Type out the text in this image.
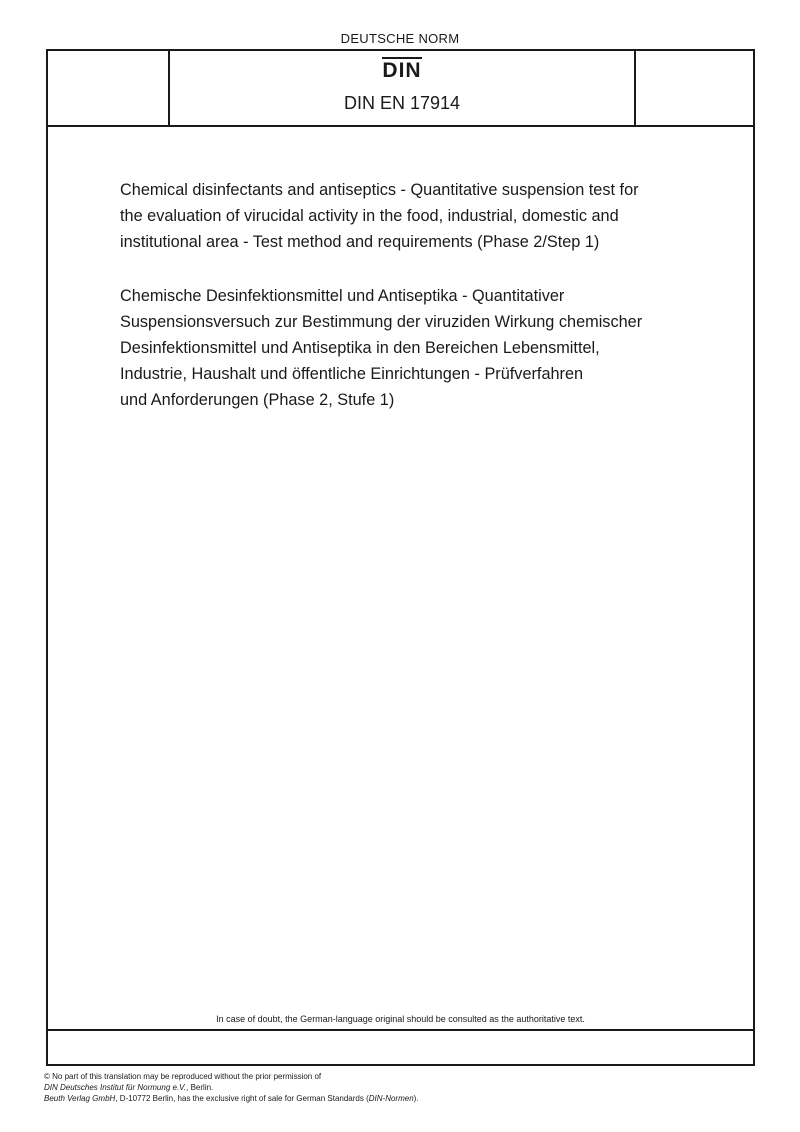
DEUTSCHE NORM
DIN
DIN EN 17914
Chemical disinfectants and antiseptics - Quantitative suspension test for
the evaluation of virucidal activity in the food, industrial, domestic and
institutional area - Test method and requirements (Phase 2/Step 1)
Chemische Desinfektionsmittel und Antiseptika - Quantitativer
Suspensionsversuch zur Bestimmung der viruziden Wirkung chemischer
Desinfektionsmittel und Antiseptika in den Bereichen Lebensmittel,
Industrie, Haushalt und öffentliche Einrichtungen - Prüfverfahren
und Anforderungen (Phase 2, Stufe 1)
In case of doubt, the German-language original should be consulted as the authoritative text.
© No part of this translation may be reproduced without the prior permission of
DIN Deutsches Institut für Normung e.V., Berlin.
Beuth Verlag GmbH, D-10772 Berlin, has the exclusive right of sale for German Standards (DIN-Normen).
